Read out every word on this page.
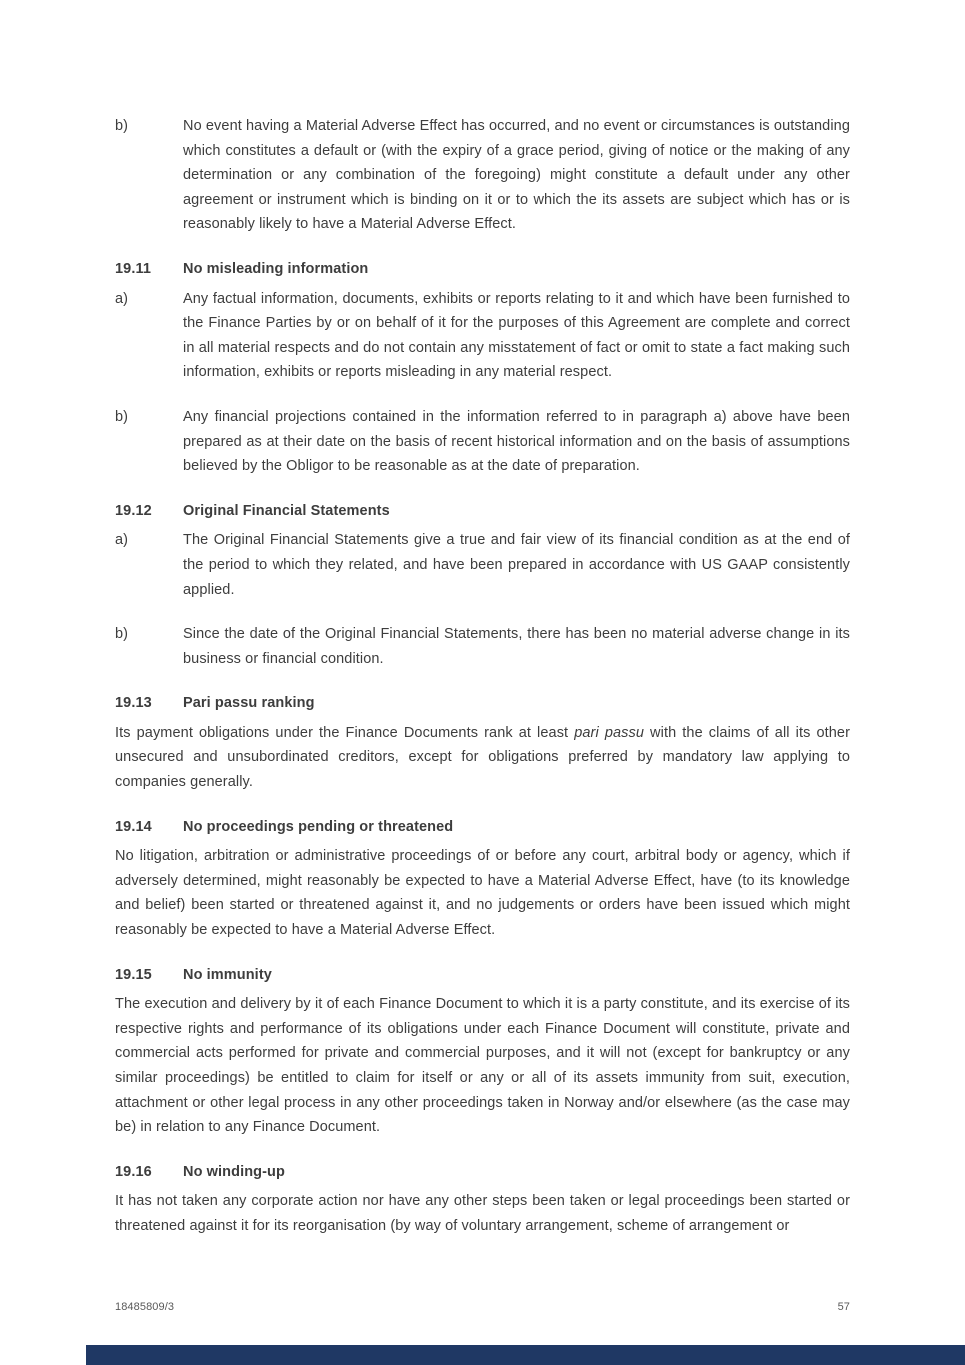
b)	No event having a Material Adverse Effect has occurred, and no event or circumstances is outstanding which constitutes a default or (with the expiry of a grace period, giving of notice or the making of any determination or any combination of the foregoing) might constitute a default under any other agreement or instrument which is binding on it or to which the its assets are subject which has or is reasonably likely to have a Material Adverse Effect.

19.11	No misleading information
a)	Any factual information, documents, exhibits or reports relating to it and which have been furnished to the Finance Parties by or on behalf of it for the purposes of this Agreement are complete and correct in all material respects and do not contain any misstatement of fact or omit to state a fact making such information, exhibits or reports misleading in any material respect.

b)	Any financial projections contained in the information referred to in paragraph a) above have been prepared as at their date on the basis of recent historical information and on the basis of assumptions believed by the Obligor to be reasonable as at the date of preparation.

19.12	Original Financial Statements
a)	The Original Financial Statements give a true and fair view of its financial condition as at the end of the period to which they related, and have been prepared in accordance with US GAAP consistently applied.

b)	Since the date of the Original Financial Statements, there has been no material adverse change in its business or financial condition.

19.13	Pari passu ranking

Its payment obligations under the Finance Documents rank at least pari passu with the claims of all its other unsecured and unsubordinated creditors, except for obligations preferred by mandatory law applying to companies generally.

19.14	No proceedings pending or threatened

No litigation, arbitration or administrative proceedings of or before any court, arbitral body or agency, which if adversely determined, might reasonably be expected to have a Material Adverse Effect, have (to its knowledge and belief) been started or threatened against it, and no judgements or orders have been issued which might reasonably be expected to have a Material Adverse Effect.

19.15	No immunity

The execution and delivery by it of each Finance Document to which it is a party constitute, and its exercise of its respective rights and performance of its obligations under each Finance Document will constitute, private and commercial acts performed for private and commercial purposes, and it will not (except for bankruptcy or any similar proceedings) be entitled to claim for itself or any or all of its assets immunity from suit, execution, attachment or other legal process in any other proceedings taken in Norway and/or elsewhere (as the case may be) in relation to any Finance Document.

19.16	No winding-up

It has not taken any corporate action nor have any other steps been taken or legal proceedings been started or threatened against it for its reorganisation (by way of voluntary arrangement, scheme of arrangement or

18485809/3	57
